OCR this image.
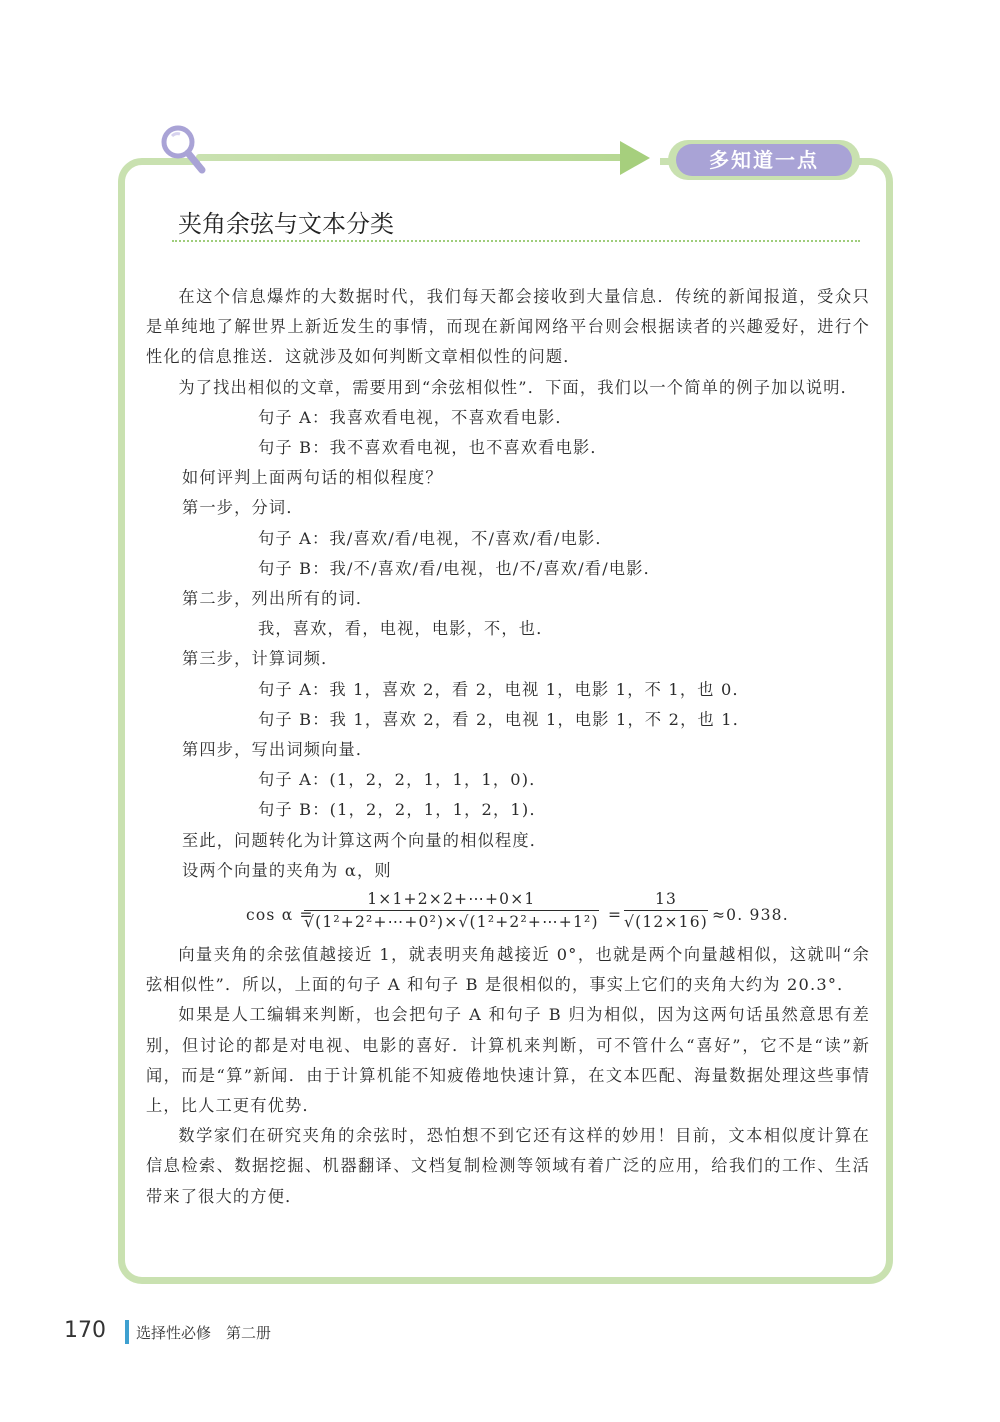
多知道一点
夹角余弦与文本分类

在这个信息爆炸的大数据时代，我们每天都会接收到大量信息．传统的新闻报道，受众只是单纯地了解世界上新近发生的事情，而现在新闻网络平台则会根据读者的兴趣爱好，进行个性化的信息推送．这就涉及如何判断文章相似性的问题．

为了找出相似的文章，需要用到“余弦相似性”．下面，我们以一个简单的例子加以说明．

句子 A：我喜欢看电视，不喜欢看电影．

句子 B：我不喜欢看电视，也不喜欢看电影．

如何评判上面两句话的相似程度？

第一步，分词．

句子 A：我/喜欢/看/电视，不/喜欢/看/电影．

句子 B：我/不/喜欢/看/电视，也/不/喜欢/看/电影．

第二步，列出所有的词．

我，喜欢，看，电视，电影，不，也．

第三步，计算词频．

句子 A：我 1，喜欢 2，看 2，电视 1，电影 1，不 1，也 0．

句子 B：我 1，喜欢 2，看 2，电视 1，电影 1，不 2，也 1．

第四步，写出词频向量．

句子 A：(1，2，2，1，1，1，0)．

句子 B：(1，2，2，1，1，2，1)．

至此，问题转化为计算这两个向量的相似程度．

设两个向量的夹角为 α，则

cos α =
$\frac{1\times 1+2\times 2+\cdots+0\times 1}{\text{√(1²+2²+⋯+0²)×√(1²+2²+⋯+1²)}} = \frac{13}{√(12\times 16)} \approx 0$. 938.

向量夹角的余弦值越接近 1，就表明夹角越接近 0°，也就是两个向量越相似，这就叫“余弦相似性”．所以，上面的句子 A 和句子 B 是很相似的，事实上它们的夹角大约为 20.3°．

如果是人工编辑来判断，也会把句子 A 和句子 B 归为相似，因为这两句话虽然意思有差别，但讨论的都是对电视、电影的喜好．计算机来判断，可不管什么“喜好”，它不是“读”新闻，而是“算”新闻．由于计算机能不知疲倦地快速计算，在文本匹配、海量数据处理这些事情上，比人工更有优势．

数学家们在研究夹角的余弦时，恐怕想不到它还有这样的妙用！目前，文本相似度计算在信息检索、数据挖掘、机器翻译、文档复制检测等领域有着广泛的应用，给我们的工作、生活带来了很大的方便．

170 选择性必修　第二册
